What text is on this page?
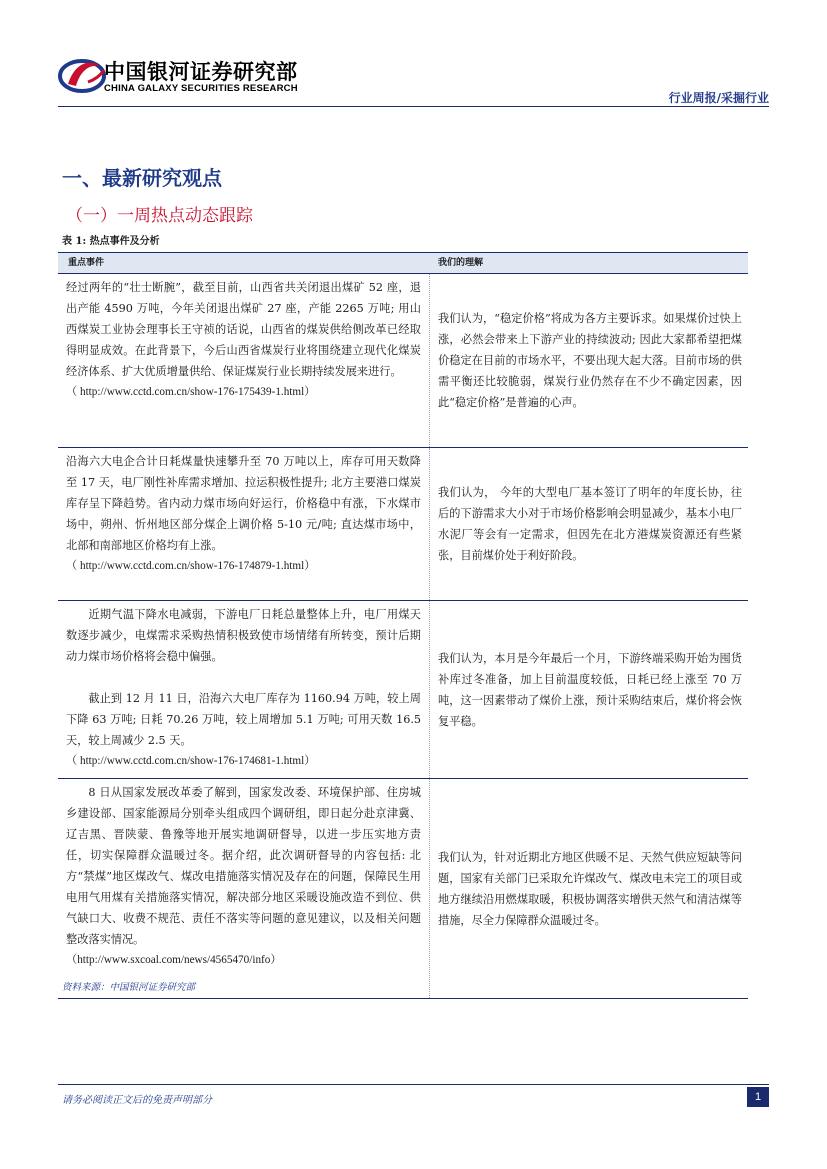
中国银河证券研究部
CHINA GALAXY SECURITIES RESEARCH
行业周报/采掘行业
一、最新研究观点
（一）一周热点动态跟踪
表 1: 热点事件及分析
重点事件	我们的理解

经过两年的“壮士断腕”，截至目前，山西省共关闭退出煤矿 52 座，退出产能 4590 万吨，今年关闭退出煤矿 27 座，产能 2265 万吨; 用山西煤炭工业协会理事长王守祯的话说，山西省的煤炭供给侧改革已经取得明显成效。在此背景下，今后山西省煤炭行业将围绕建立现代化煤炭经济体系、扩大优质增量供给、保证煤炭行业长期持续发展来进行。

（ http://www.cctd.com.cn/show-176-175439-1.html）

我们认为，“稳定价格”将成为各方主要诉求。如果煤价过快上涨，必然会带来上下游产业的持续波动; 因此大家都希望把煤价稳定在目前的市场水平，不要出现大起大落。目前市场的供需平衡还比较脆弱，煤炭行业仍然存在不少不确定因素，因此“稳定价格”是普遍的心声。

沿海六大电企合计日耗煤量快速攀升至 70 万吨以上，库存可用天数降至 17 天，电厂刚性补库需求增加、拉运积极性提升; 北方主要港口煤炭库存呈下降趋势。省内动力煤市场向好运行，价格稳中有涨，下水煤市场中，朔州、忻州地区部分煤企上调价格 5-10 元/吨; 直达煤市场中，北部和南部地区价格均有上涨。

（ http://www.cctd.com.cn/show-176-174879-1.html）

我们认为， 今年的大型电厂基本签订了明年的年度长协，往后的下游需求大小对于市场价格影响会明显减少，基本小电厂水泥厂等会有一定需求，但因先在北方港煤炭资源还有些紧张，目前煤价处于利好阶段。

近期气温下降水电减弱，下游电厂日耗总量整体上升，电厂用煤天数逐步减少，电煤需求采购热情积极致使市场情绪有所转变，预计后期动力煤市场价格将会稳中偏强。

截止到 12 月 11 日，沿海六大电厂库存为 1160.94 万吨，较上周下降 63 万吨; 日耗 70.26 万吨，较上周增加 5.1 万吨; 可用天数 16.5 天，较上周减少 2.5 天。

（ http://www.cctd.com.cn/show-176-174681-1.html）

我们认为，本月是今年最后一个月，下游终端采购开始为囤货补库过冬准备，加上目前温度较低，日耗已经上涨至 70 万吨，这一因素带动了煤价上涨，预计采购结束后，煤价将会恢复平稳。

8 日从国家发展改革委了解到，国家发改委、环境保护部、住房城乡建设部、国家能源局分别牵头组成四个调研组，即日起分赴京津冀、辽吉黑、晋陕蒙、鲁豫等地开展实地调研督导，以进一步压实地方责任，切实保障群众温暖过冬。据介绍，此次调研督导的内容包括: 北方“禁煤”地区煤改气、煤改电措施落实情况及存在的问题，保障民生用电用气用煤有关措施落实情况，解决部分地区采暖设施改造不到位、供气缺口大、收费不规范、责任不落实等问题的意见建议，以及相关问题整改落实情况。

（http://www.sxcoal.com/news/4565470/info）

我们认为，针对近期北方地区供暖不足、天然气供应短缺等问题，国家有关部门已采取允许煤改气、煤改电未完工的项目或地方继续沿用燃煤取暖，积极协调落实增供天然气和清洁煤等措施，尽全力保障群众温暖过冬。

资料来源：中国银河证券研究部
请务必阅读正文后的免责声明部分	1
